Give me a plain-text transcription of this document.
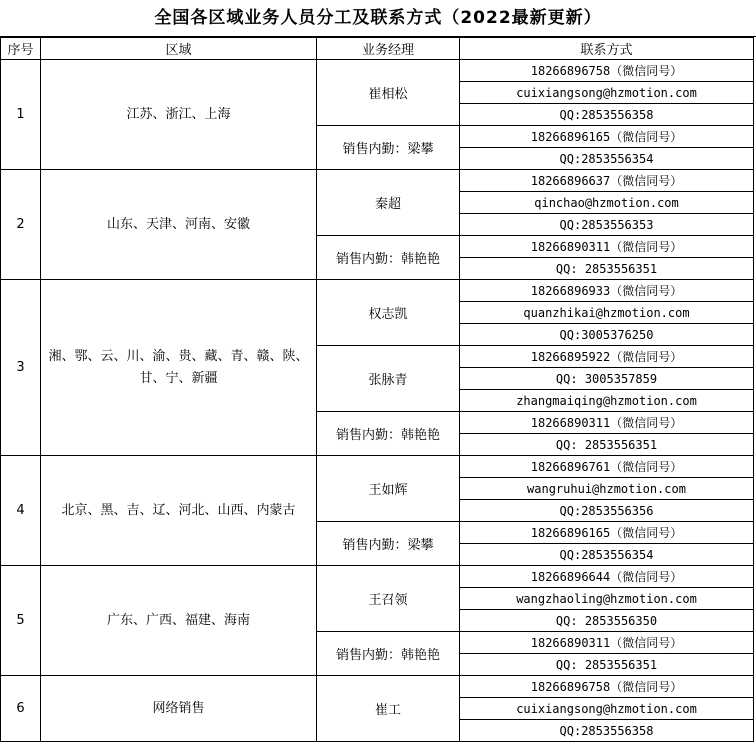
全国各区域业务人员分工及联系方式（2022最新更新）
序号	区域	业务经理	联系方式
1	江苏、浙江、上海	崔相松	18266896758（微信同号）
			cuixiangsong@hzmotion.com
			QQ:2853556358
		销售内勤：梁攀	18266896165（微信同号）
			QQ:2853556354
2	山东、天津、河南、安徽	秦超	18266896637（微信同号）
			qinchao@hzmotion.com
			QQ:2853556353
		销售内勤：韩艳艳	18266890311（微信同号）
			QQ: 2853556351
3	湘、鄂、云、川、渝、贵、藏、青、赣、陕、甘、宁、新疆	权志凯	18266896933（微信同号）
			quanzhikai@hzmotion.com
			QQ:3005376250
		张脉青	18266895922（微信同号）
			QQ: 3005357859
			zhangmaiqing@hzmotion.com
		销售内勤：韩艳艳	18266890311（微信同号）
			QQ: 2853556351
4	北京、黑、吉、辽、河北、山西、内蒙古	王如辉	18266896761（微信同号）
			wangruhui@hzmotion.com
			QQ:2853556356
		销售内勤：梁攀	18266896165（微信同号）
			QQ:2853556354
5	广东、广西、福建、海南	王召领	18266896644（微信同号）
			wangzhaoling@hzmotion.com
			QQ: 2853556350
		销售内勤：韩艳艳	18266890311（微信同号）
			QQ: 2853556351
6	网络销售	崔工	18266896758（微信同号）
			cuixiangsong@hzmotion.com
			QQ:2853556358
